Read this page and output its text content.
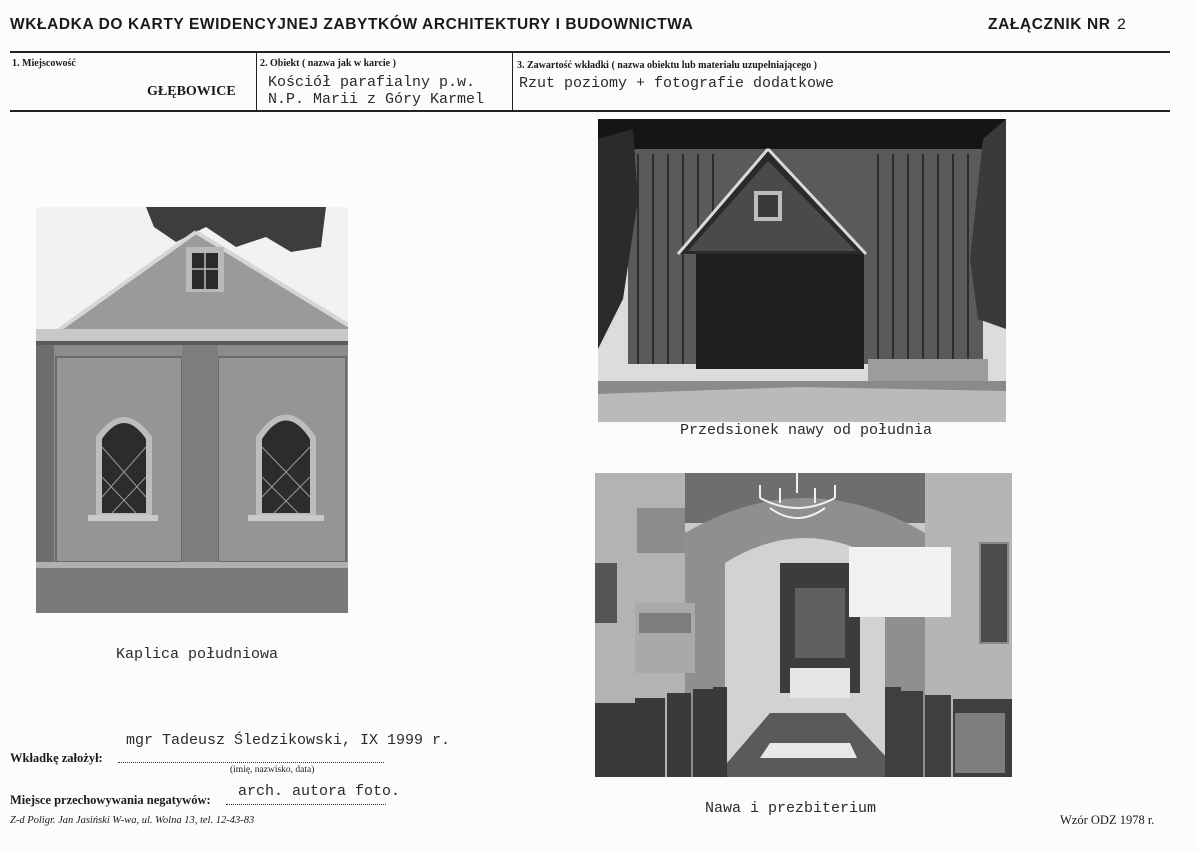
WKŁADKA DO KARTY EWIDENCYJNEJ ZABYTKÓW ARCHITEKTURY I BUDOWNICTWA	ZAŁĄCZNIK NR 2
1. Miejscowość
GŁĘBOWICE
2. Obiekt ( nazwa jak w karcie )
Kościół parafialny p.w.
N.P. Marii z Góry Karmel
3. Zawartość wkładki ( nazwa obiektu lub materiału uzupełniającego )
Rzut poziomy + fotografie dodatkowe
Kaplica południowa
Przedsionek nawy od południa
Nawa i prezbiterium
mgr Tadeusz Śledzikowski, IX 1999 r.
Wkładkę założył:
(imię, nazwisko, data)
arch. autora foto.
Miejsce przechowywania negatywów:
Z-d Poligr. Jan Jasiński W-wa, ul. Wolna 13, tel. 12-43-83	Wzór ODZ 1978 r.
